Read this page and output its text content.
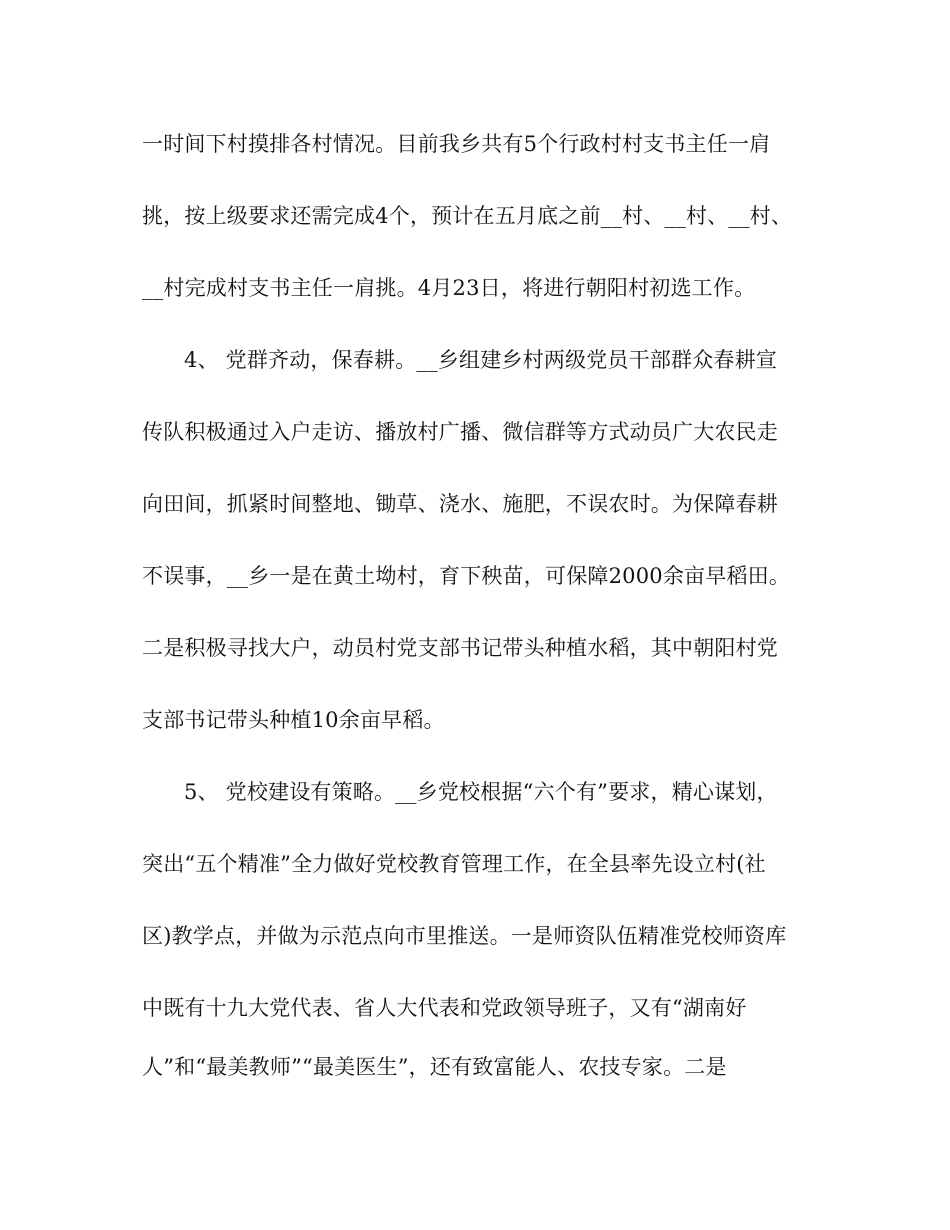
一时间下村摸排各村情况。目前我乡共有5个行政村村支书主任一肩
挑，按上级要求还需完成4个，预计在五月底之前__村、__村、__村、
__村完成村支书主任一肩挑。4月23日，将进行朝阳村初选工作。
4、 党群齐动，保春耕。__乡组建乡村两级党员干部群众春耕宣
传队积极通过入户走访、播放村广播、微信群等方式动员广大农民走
向田间，抓紧时间整地、锄草、浇水、施肥，不误农时。为保障春耕
不误事，__乡一是在黄土坳村，育下秧苗，可保障2000余亩早稻田。
二是积极寻找大户，动员村党支部书记带头种植水稻，其中朝阳村党
支部书记带头种植10余亩早稻。
5、 党校建设有策略。__乡党校根据“六个有”要求，精心谋划，
突出“五个精准”全力做好党校教育管理工作，在全县率先设立村(社
区)教学点，并做为示范点向市里推送。一是师资队伍精准党校师资库
中既有十九大党代表、省人大代表和党政领导班子，又有“湖南好
人”和“最美教师”“最美医生”，还有致富能人、农技专家。二是
